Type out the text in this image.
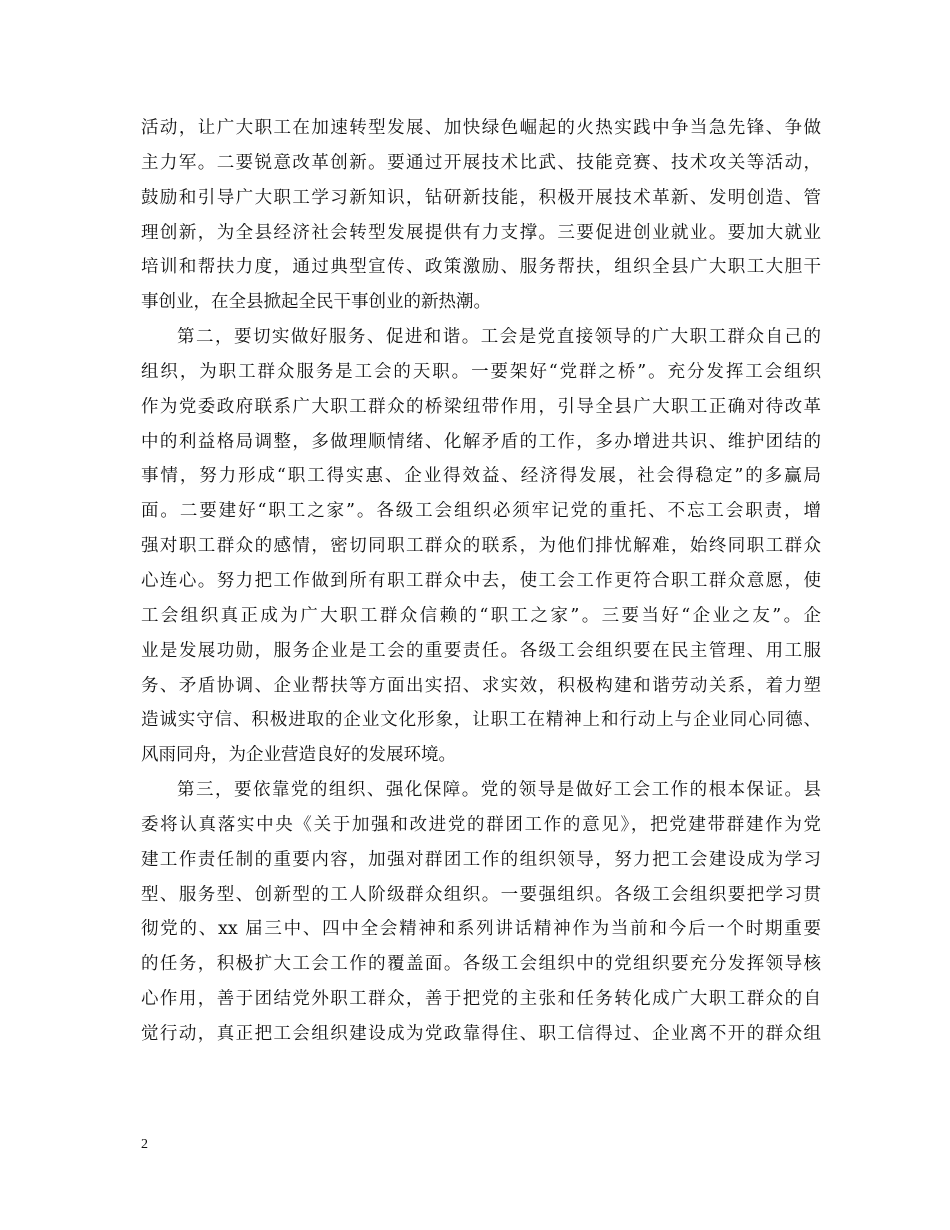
活动，让广大职工在加速转型发展、加快绿色崛起的火热实践中争当急先锋、争做
主力军。二要锐意改革创新。要通过开展技术比武、技能竞赛、技术攻关等活动，
鼓励和引导广大职工学习新知识，钻研新技能，积极开展技术革新、发明创造、管
理创新，为全县经济社会转型发展提供有力支撑。三要促进创业就业。要加大就业
培训和帮扶力度，通过典型宣传、政策激励、服务帮扶，组织全县广大职工大胆干
事创业，在全县掀起全民干事创业的新热潮。
第二，要切实做好服务、促进和谐。工会是党直接领导的广大职工群众自己的
组织，为职工群众服务是工会的天职。一要架好“党群之桥”。充分发挥工会组织
作为党委政府联系广大职工群众的桥梁纽带作用，引导全县广大职工正确对待改革
中的利益格局调整，多做理顺情绪、化解矛盾的工作，多办增进共识、维护团结的
事情，努力形成“职工得实惠、企业得效益、经济得发展，社会得稳定”的多赢局
面。二要建好“职工之家”。各级工会组织必须牢记党的重托、不忘工会职责，增
强对职工群众的感情，密切同职工群众的联系，为他们排忧解难，始终同职工群众
心连心。努力把工作做到所有职工群众中去，使工会工作更符合职工群众意愿，使
工会组织真正成为广大职工群众信赖的“职工之家”。三要当好“企业之友”。企
业是发展功勋，服务企业是工会的重要责任。各级工会组织要在民主管理、用工服
务、矛盾协调、企业帮扶等方面出实招、求实效，积极构建和谐劳动关系，着力塑
造诚实守信、积极进取的企业文化形象，让职工在精神上和行动上与企业同心同德、
风雨同舟，为企业营造良好的发展环境。
第三，要依靠党的组织、强化保障。党的领导是做好工会工作的根本保证。县
委将认真落实中央《关于加强和改进党的群团工作的意见》，把党建带群建作为党
建工作责任制的重要内容，加强对群团工作的组织领导，努力把工会建设成为学习
型、服务型、创新型的工人阶级群众组织。一要强组织。各级工会组织要把学习贯
彻党的、xx 届三中、四中全会精神和系列讲话精神作为当前和今后一个时期重要
的任务，积极扩大工会工作的覆盖面。各级工会组织中的党组织要充分发挥领导核
心作用，善于团结党外职工群众，善于把党的主张和任务转化成广大职工群众的自
觉行动，真正把工会组织建设成为党政靠得住、职工信得过、企业离不开的群众组
2
